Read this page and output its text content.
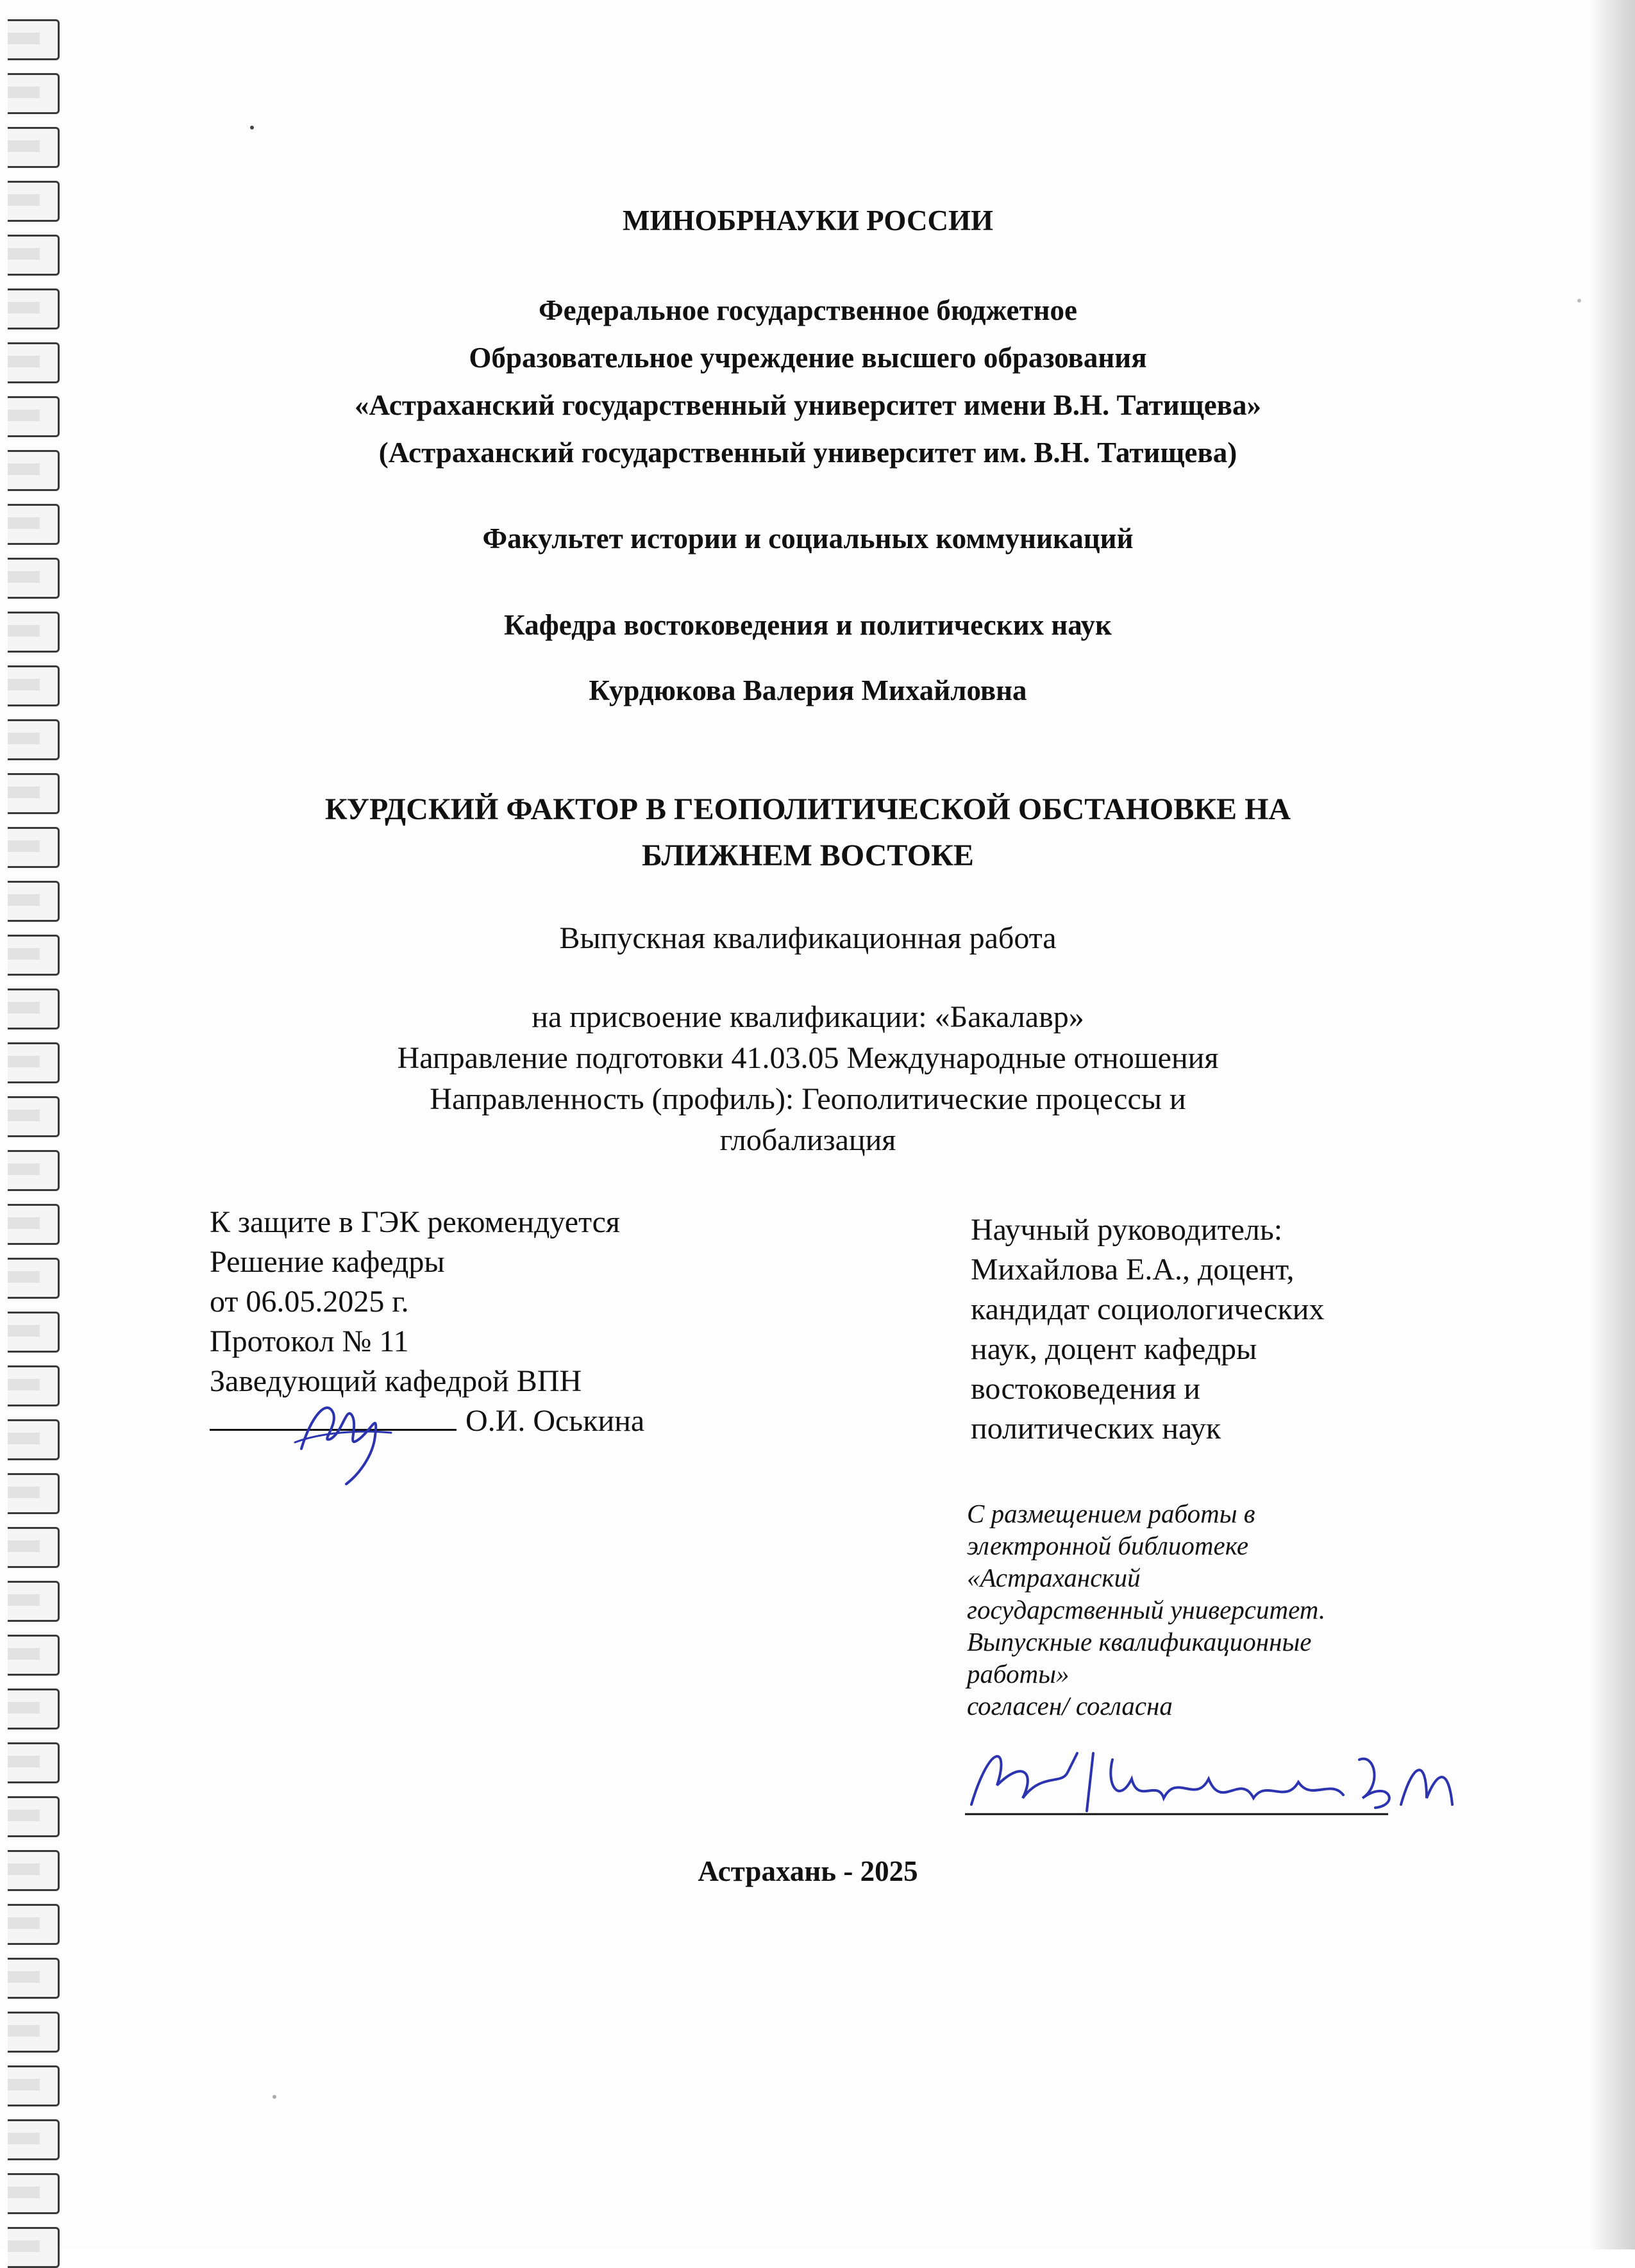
МИНОБРНАУКИ РОССИИ

Федеральное государственное бюджетное

Образовательное учреждение высшего образования

«Астраханский государственный университет имени В.Н. Татищева»

(Астраханский государственный университет им. В.Н. Татищева)

Факультет истории и социальных коммуникаций

Кафедра востоковедения и политических наук

Курдюкова Валерия Михайловна

КУРДСКИЙ ФАКТОР В ГЕОПОЛИТИЧЕСКОЙ ОБСТАНОВКЕ НА

БЛИЖНЕМ ВОСТОКЕ

Выпускная квалификационная работа

на присвоение квалификации: «Бакалавр»

Направление подготовки 41.03.05 Международные отношения

Направленность (профиль): Геополитические процессы и

глобализация

К защите в ГЭК рекомендуется
Решение кафедры
от 06.05.2025 г.
Протокол № 11
Заведующий кафедрой ВПН
О.И. Оськина
Научный руководитель:
Михайлова Е.А., доцент,
кандидат социологических
наук, доцент кафедры
востоковедения и
политических наук
С размещением работы в
электронной библиотеке
«Астраханский
государственный университет.
Выпускные квалификационные
работы»
согласен/ согласна

Астрахань - 2025
